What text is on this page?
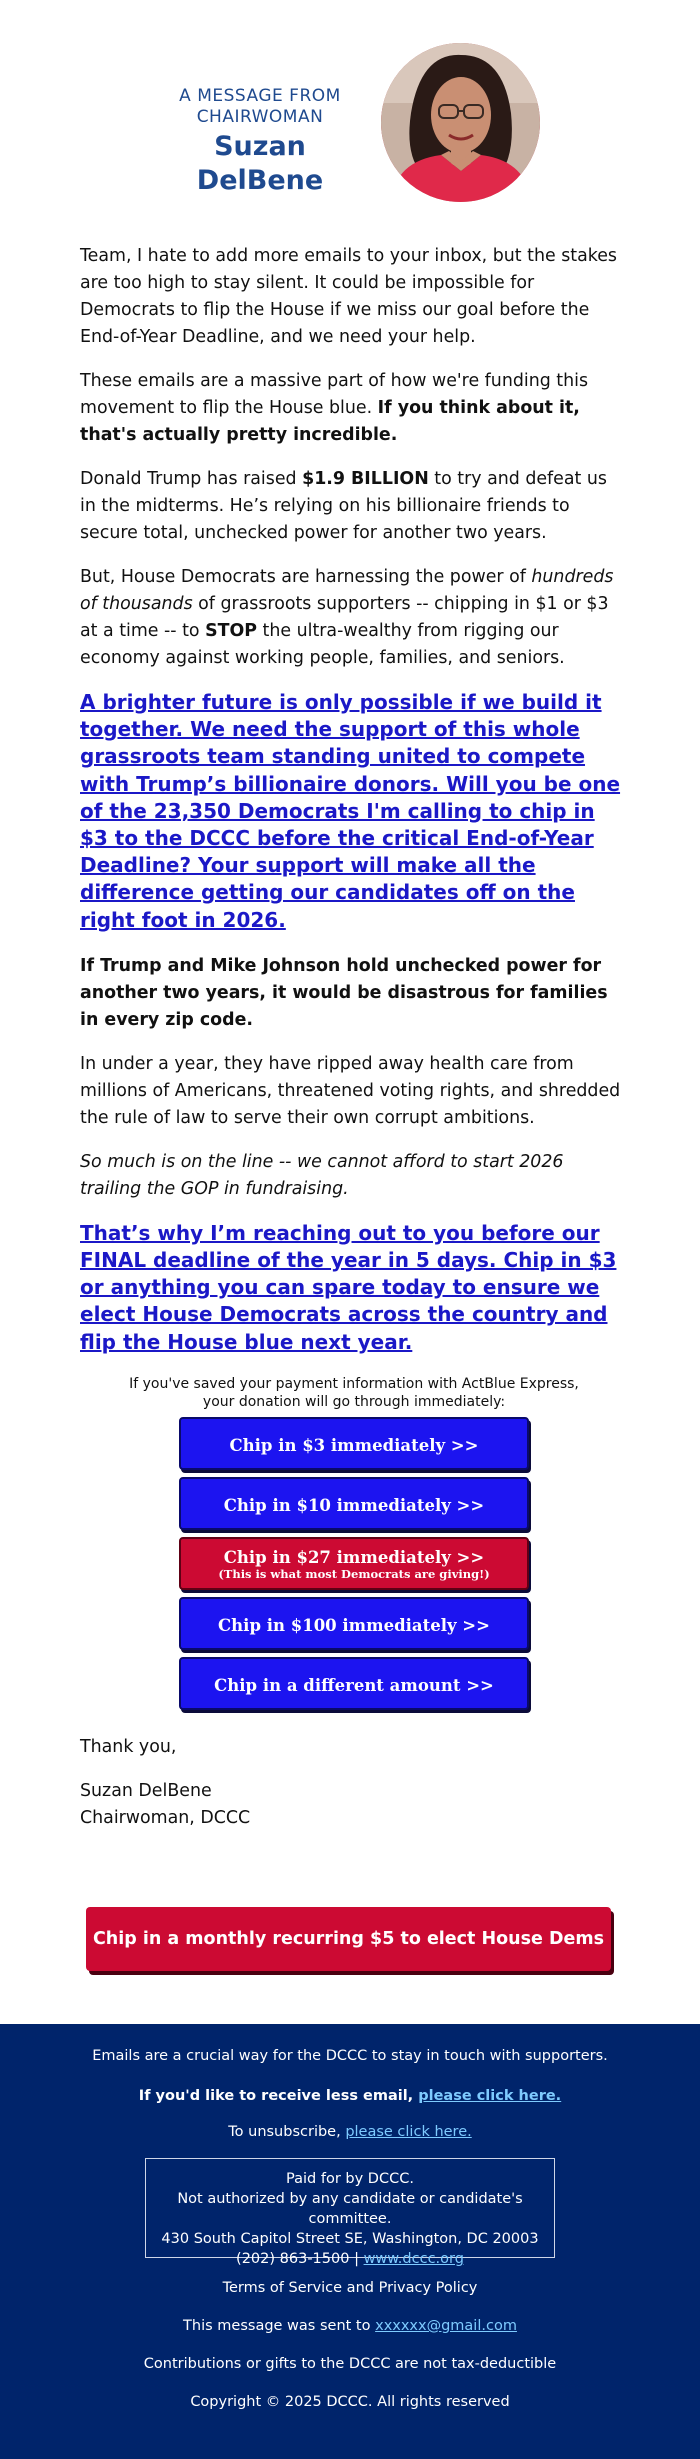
A MESSAGE FROM
CHAIRWOMAN
Suzan DelBene

Team, I hate to add more emails to your inbox, but the stakes are too high to stay silent. It could be impossible for Democrats to flip the House if we miss our goal before the End-of-Year Deadline, and we need your help.

These emails are a massive part of how we're funding this movement to flip the House blue. If you think about it, that's actually pretty incredible.

Donald Trump has raised $1.9 BILLION to try and defeat us in the midterms. He’s relying on his billionaire friends to secure total, unchecked power for another two years.

But, House Democrats are harnessing the power of hundreds of thousands of grassroots supporters -- chipping in $1 or $3 at a time -- to STOP the ultra-wealthy from rigging our economy against working people, families, and seniors.

A brighter future is only possible if we build it together. We need the support of this whole grassroots team standing united to compete with Trump’s billionaire donors. Will you be one of the 23,350 Democrats I'm calling to chip in $3 to the DCCC before the critical End-of-Year Deadline? Your support will make all the difference getting our candidates off on the right foot in 2026.

If Trump and Mike Johnson hold unchecked power for another two years, it would be disastrous for families in every zip code.

In under a year, they have ripped away health care from millions of Americans, threatened voting rights, and shredded the rule of law to serve their own corrupt ambitions.

So much is on the line -- we cannot afford to start 2026 trailing the GOP in fundraising.

That’s why I’m reaching out to you before our FINAL deadline of the year in 5 days. Chip in $3 or anything you can spare today to ensure we elect House Democrats across the country and flip the House blue next year.
If you've saved your payment information with ActBlue Express,
your donation will go through immediately:
Chip in $3 immediately >>
Chip in $10 immediately >>
Chip in $27 immediately >>
(This is what most Democrats are giving!)
Chip in $100 immediately >>
Chip in a different amount >>

Thank you,

Suzan DelBene
Chairwoman, DCCC

Chip in a monthly recurring $5 to elect House Dems >>
Emails are a crucial way for the DCCC to stay in touch with supporters.
If you'd like to receive less email, please click here.
To unsubscribe, please click here.
Paid for by DCCC.
Not authorized by any candidate or candidate's committee.
430 South Capitol Street SE, Washington, DC 20003
(202) 863-1500 | www.dccc.org
Terms of Service and Privacy Policy
This message was sent to xxxxxx@gmail.com
Contributions or gifts to the DCCC are not tax-deductible
Copyright © 2025 DCCC. All rights reserved
